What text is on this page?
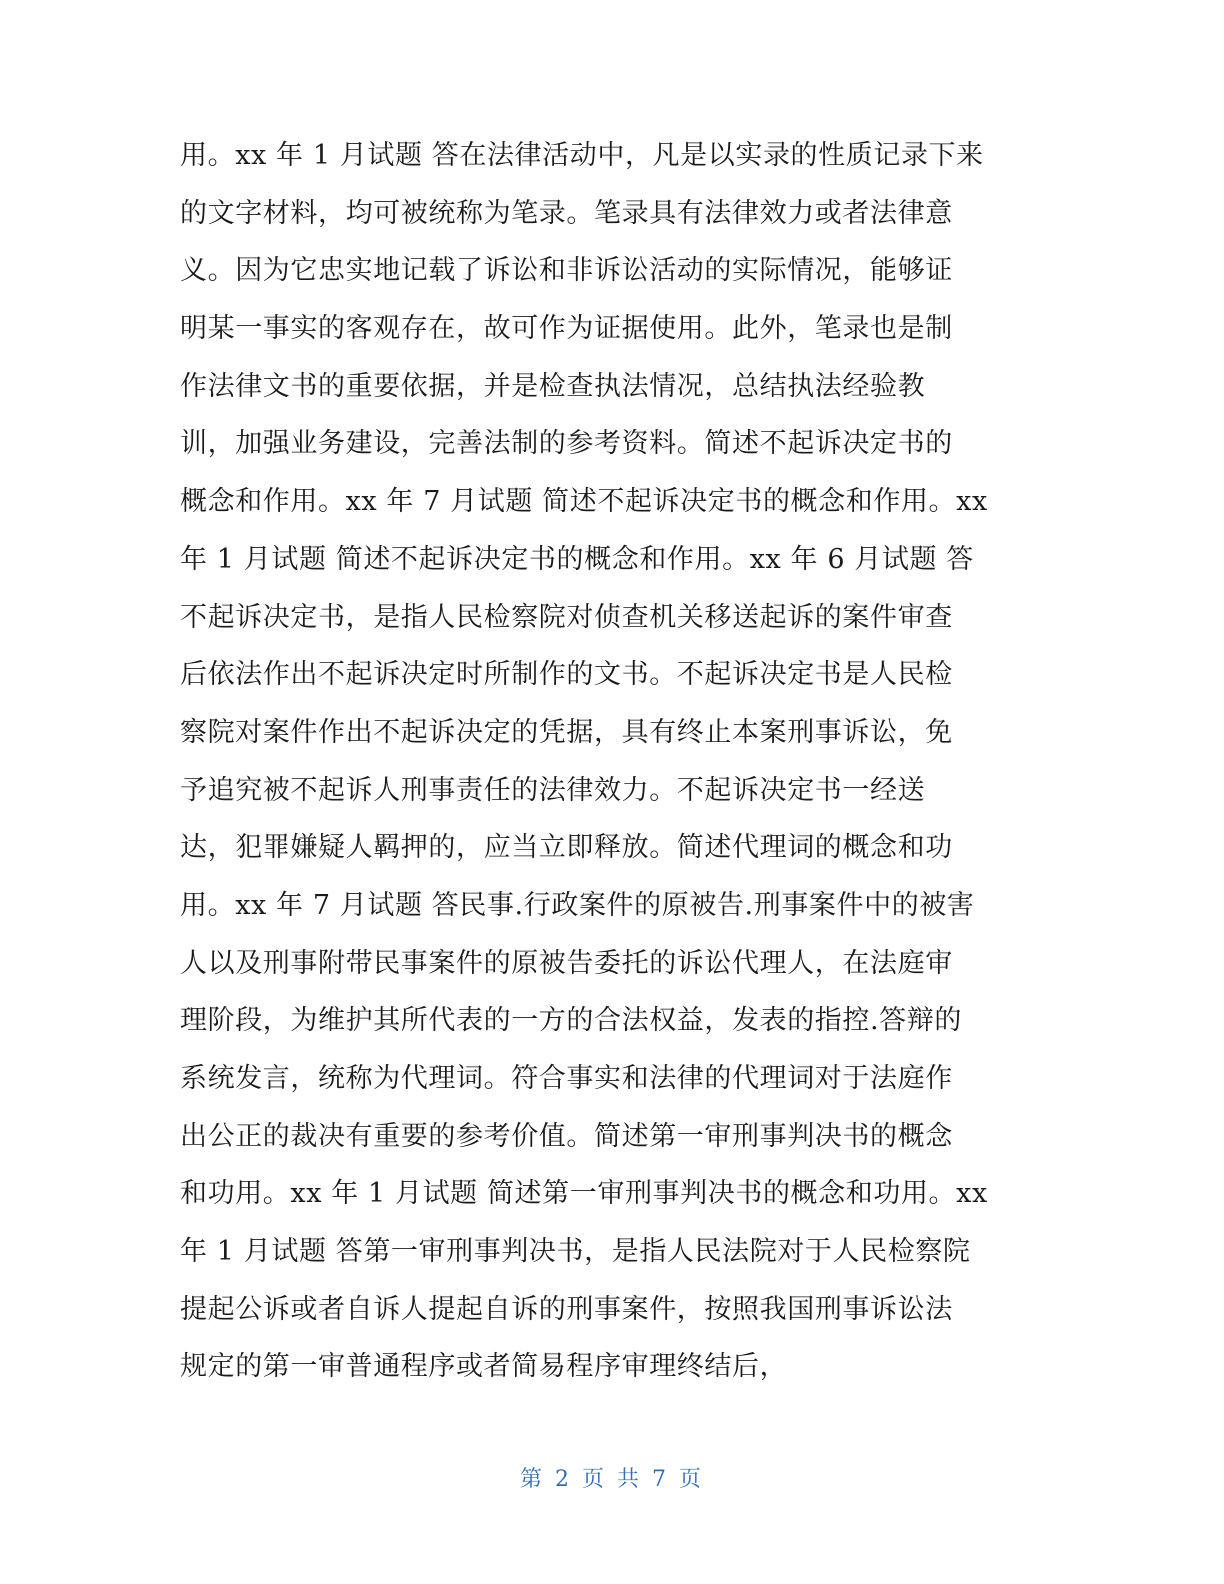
用。xx 年 1 月试题 答在法律活动中，凡是以实录的性质记录下来
的文字材料，均可被统称为笔录。笔录具有法律效力或者法律意
义。因为它忠实地记载了诉讼和非诉讼活动的实际情况，能够证
明某一事实的客观存在，故可作为证据使用。此外，笔录也是制
作法律文书的重要依据，并是检查执法情况，总结执法经验教
训，加强业务建设，完善法制的参考资料。简述不起诉决定书的
概念和作用。xx 年 7 月试题 简述不起诉决定书的概念和作用。xx
年 1 月试题 简述不起诉决定书的概念和作用。xx 年 6 月试题 答
不起诉决定书，是指人民检察院对侦查机关移送起诉的案件审查
后依法作出不起诉决定时所制作的文书。不起诉决定书是人民检
察院对案件作出不起诉决定的凭据，具有终止本案刑事诉讼，免
予追究被不起诉人刑事责任的法律效力。不起诉决定书一经送
达，犯罪嫌疑人羁押的，应当立即释放。简述代理词的概念和功
用。xx 年 7 月试题 答民事.行政案件的原被告.刑事案件中的被害
人以及刑事附带民事案件的原被告委托的诉讼代理人，在法庭审
理阶段，为维护其所代表的一方的合法权益，发表的指控.答辩的
系统发言，统称为代理词。符合事实和法律的代理词对于法庭作
出公正的裁决有重要的参考价值。简述第一审刑事判决书的概念
和功用。xx 年 1 月试题 简述第一审刑事判决书的概念和功用。xx
年 1 月试题 答第一审刑事判决书，是指人民法院对于人民检察院
提起公诉或者自诉人提起自诉的刑事案件，按照我国刑事诉讼法
规定的第一审普通程序或者简易程序审理终结后，
第 2 页 共 7 页
